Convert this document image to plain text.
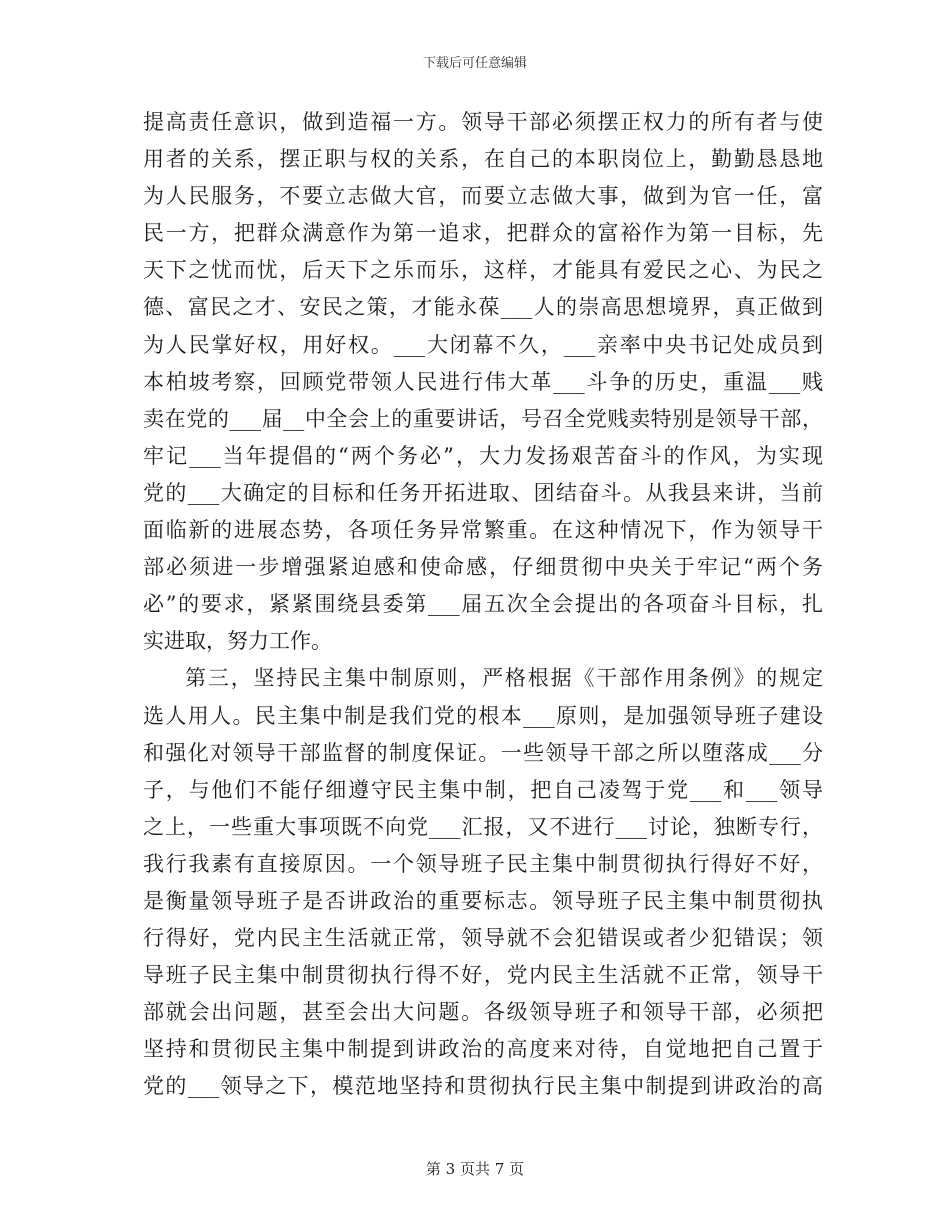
下载后可任意编辑
提高责任意识，做到造福一方。领导干部必须摆正权力的所有者与使
用者的关系，摆正职与权的关系，在自己的本职岗位上，勤勤恳恳地
为人民服务，不要立志做大官，而要立志做大事，做到为官一任，富
民一方，把群众满意作为第一追求，把群众的富裕作为第一目标，先
天下之忧而忧，后天下之乐而乐，这样，才能具有爱民之心、为民之
德、富民之才、安民之策，才能永葆___人的崇高思想境界，真正做到
为人民掌好权，用好权。___大闭幕不久，___亲率中央书记处成员到
本柏坡考察，回顾党带领人民进行伟大革___斗争的历史，重温___贱
卖在党的___届__中全会上的重要讲话，号召全党贱卖特别是领导干部，
牢记___当年提倡的“两个务必”，大力发扬艰苦奋斗的作风，为实现
党的___大确定的目标和任务开拓进取、团结奋斗。从我县来讲，当前
面临新的进展态势，各项任务异常繁重。在这种情况下，作为领导干
部必须进一步增强紧迫感和使命感，仔细贯彻中央关于牢记“两个务
必”的要求，紧紧围绕县委第___届五次全会提出的各项奋斗目标，扎
实进取，努力工作。
第三，坚持民主集中制原则，严格根据《干部作用条例》的规定
选人用人。民主集中制是我们党的根本___原则，是加强领导班子建设
和强化对领导干部监督的制度保证。一些领导干部之所以堕落成___分
子，与他们不能仔细遵守民主集中制，把自己凌驾于党___和___领导
之上，一些重大事项既不向党___汇报，又不进行___讨论，独断专行，
我行我素有直接原因。一个领导班子民主集中制贯彻执行得好不好，
是衡量领导班子是否讲政治的重要标志。领导班子民主集中制贯彻执
行得好，党内民主生活就正常，领导就不会犯错误或者少犯错误；领
导班子民主集中制贯彻执行得不好，党内民主生活就不正常，领导干
部就会出问题，甚至会出大问题。各级领导班子和领导干部，必须把
坚持和贯彻民主集中制提到讲政治的高度来对待，自觉地把自己置于
党的___领导之下，模范地坚持和贯彻执行民主集中制提到讲政治的高
第 3 页共 7 页
